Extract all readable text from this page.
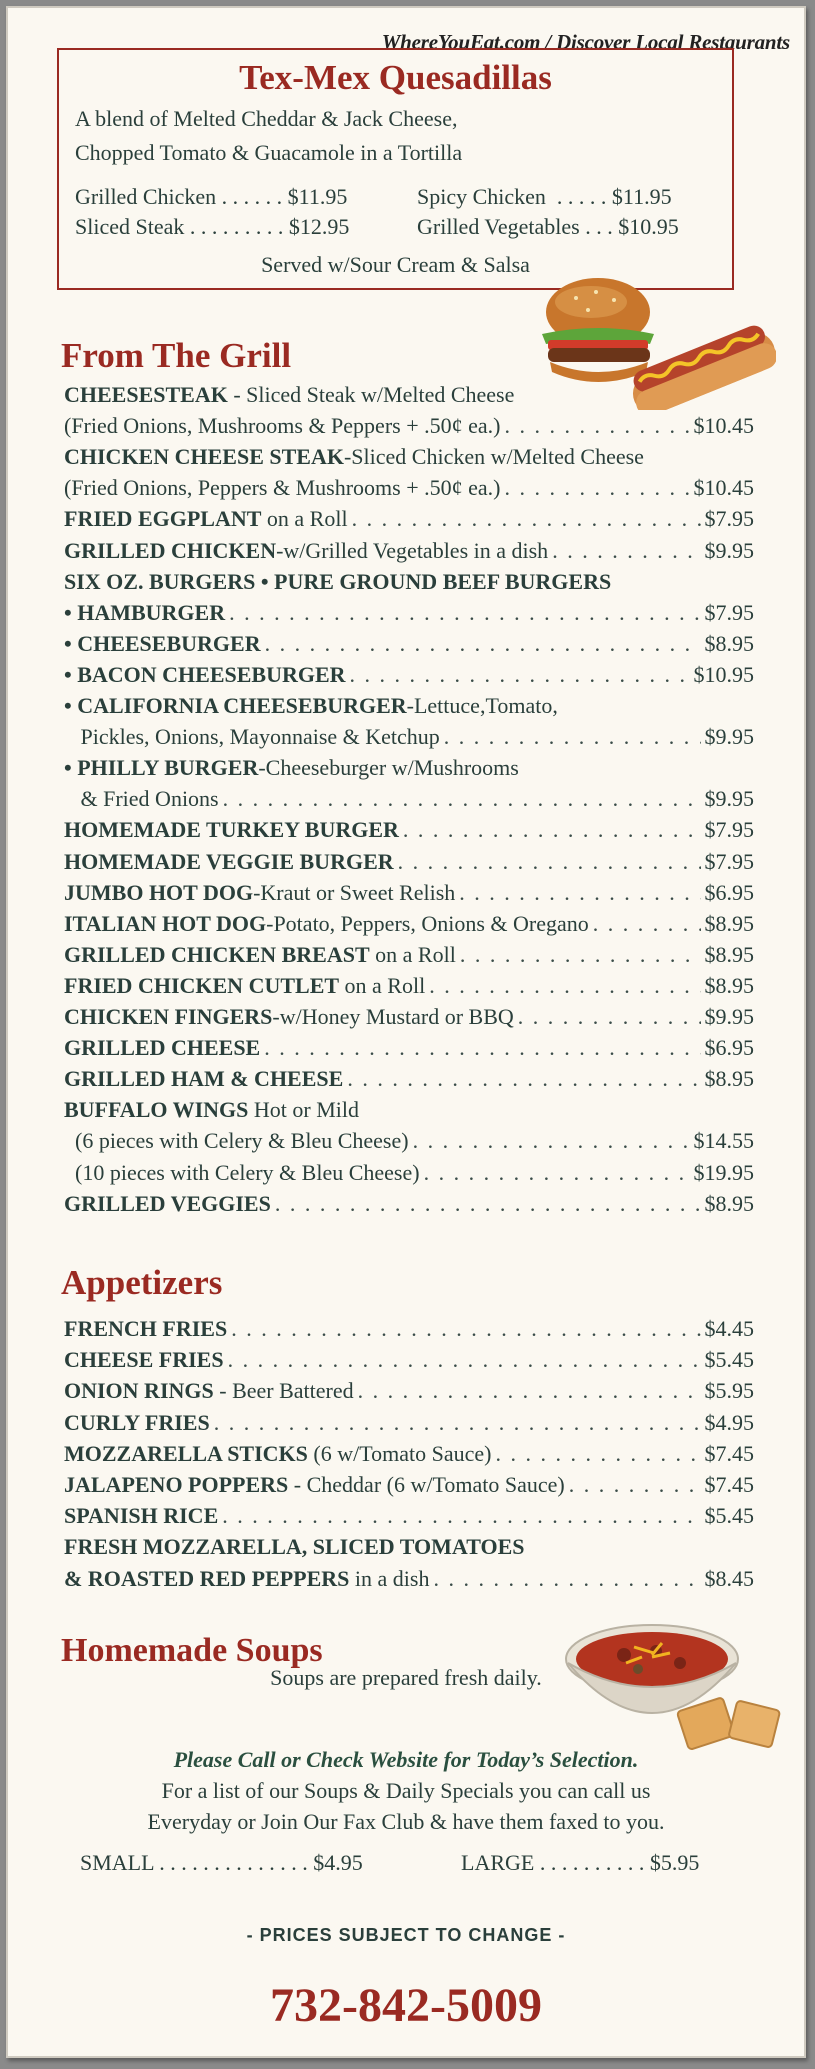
WhereYouEat.com / Discover Local Restaurants
Tex-Mex Quesadillas
A blend of Melted Cheddar & Jack Cheese,
Chopped Tomato & Guacamole in a Tortilla
Grilled Chicken . . . . . . $11.95	Spicy Chicken  . . . . . $11.95
Sliced Steak . . . . . . . . . $12.95	Grilled Vegetables . . . $10.95
Served w/Sour Cream & Salsa
From The Grill
CHEESESTEAK - Sliced Steak w/Melted Cheese
(Fried Onions, Mushrooms & Peppers + .50¢ ea.) . . .	$10.45
CHICKEN CHEESE STEAK -Sliced Chicken w/Melted Cheese
(Fried Onions, Peppers & Mushrooms + .50¢ ea.) . . .	$10.45
FRIED EGGPLANT on a Roll . . .	$7.95
GRILLED CHICKEN -w/Grilled Vegetables in a dish . . .	$9.95
SIX OZ. BURGERS • PURE GROUND BEEF BURGERS
• HAMBURGER . . .	$7.95
• CHEESEBURGER . . .	$8.95
• BACON CHEESEBURGER . . .	$10.95
• CALIFORNIA CHEESEBURGER -Lettuce,Tomato,
Pickles, Onions, Mayonnaise & Ketchup . . .	$9.95
• PHILLY BURGER -Cheeseburger w/Mushrooms
& Fried Onions . . .	$9.95
HOMEMADE TURKEY BURGER . . .	$7.95
HOMEMADE VEGGIE BURGER . . .	$7.95
JUMBO HOT DOG -Kraut or Sweet Relish . . .	$6.95
ITALIAN HOT DOG -Potato, Peppers, Onions & Oregano . . .	$8.95
GRILLED CHICKEN BREAST on a Roll . . .	$8.95
FRIED CHICKEN CUTLET on a Roll . . .	$8.95
CHICKEN FINGERS -w/Honey Mustard or BBQ . . .	$9.95
GRILLED CHEESE . . .	$6.95
GRILLED HAM & CHEESE . . .	$8.95
BUFFALO WINGS Hot or Mild
(6 pieces with Celery & Bleu Cheese) . . .	$14.55
(10 pieces with Celery & Bleu Cheese) . . .	$19.95
GRILLED VEGGIES . . .	$8.95
Appetizers
FRENCH FRIES . . .	$4.45
CHEESE FRIES . . .	$5.45
ONION RINGS - Beer Battered . . .	$5.95
CURLY FRIES . . .	$4.95
MOZZARELLA STICKS (6 w/Tomato Sauce) . . .	$7.45
JALAPENO POPPERS - Cheddar (6 w/Tomato Sauce) . . .	$7.45
SPANISH RICE . . .	$5.45
FRESH MOZZARELLA, SLICED TOMATOES
& ROASTED RED PEPPERS in a dish . . .	$8.45
Homemade Soups
Soups are prepared fresh daily.
Please Call or Check Website for Today’s Selection.
For a list of our Soups & Daily Specials you can call us
Everyday or Join Our Fax Club & have them faxed to you.
SMALL . . . . . . . . . . . . . . $4.95	LARGE . . . . . . . . . . $5.95
- PRICES SUBJECT TO CHANGE -
732-842-5009
